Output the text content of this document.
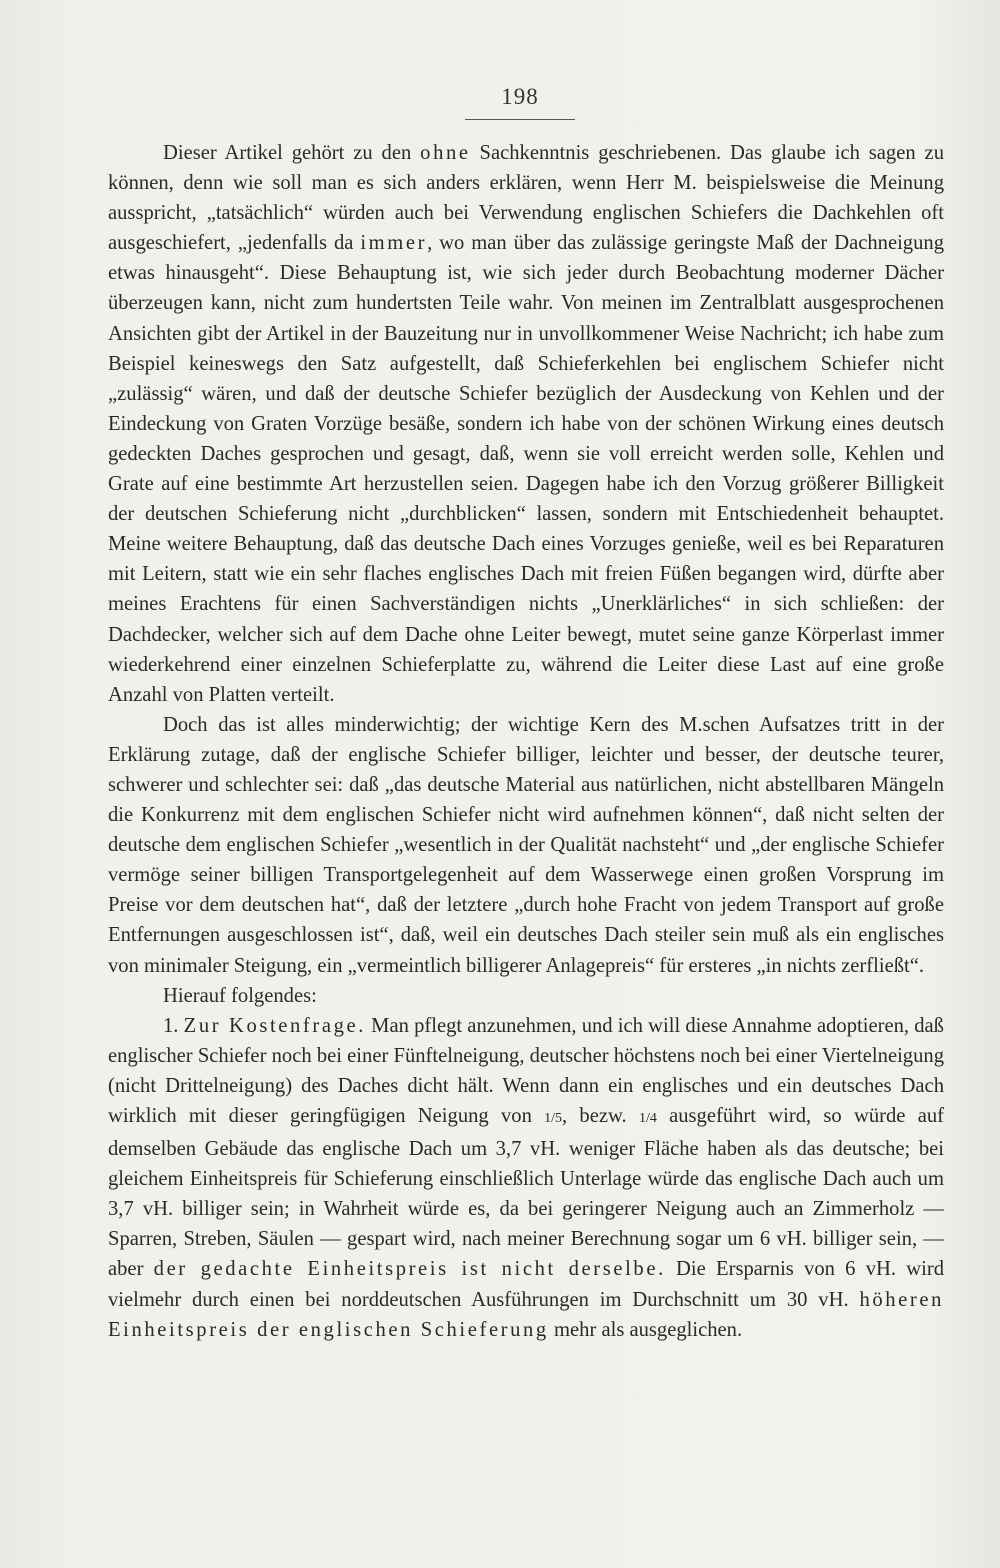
198

Dieser Artikel gehört zu den ohne Sachkenntnis geschriebenen. Das glaube ich sagen zu können, denn wie soll man es sich anders erklären, wenn Herr M. beispielsweise die Meinung ausspricht, „tatsächlich“ würden auch bei Verwendung englischen Schiefers die Dachkehlen oft ausgeschiefert, „jedenfalls da immer, wo man über das zulässige geringste Maß der Dachneigung etwas hinausgeht“. Diese Behauptung ist, wie sich jeder durch Beobachtung moderner Dächer überzeugen kann, nicht zum hundertsten Teile wahr. Von meinen im Zentralblatt ausgesprochenen Ansichten gibt der Artikel in der Bauzeitung nur in unvollkommener Weise Nachricht; ich habe zum Beispiel keineswegs den Satz aufgestellt, daß Schieferkehlen bei englischem Schiefer nicht „zulässig“ wären, und daß der deutsche Schiefer bezüglich der Ausdeckung von Kehlen und der Eindeckung von Graten Vorzüge besäße, sondern ich habe von der schönen Wirkung eines deutsch gedeckten Daches gesprochen und gesagt, daß, wenn sie voll erreicht werden solle, Kehlen und Grate auf eine bestimmte Art herzustellen seien. Dagegen habe ich den Vorzug größerer Billigkeit der deutschen Schieferung nicht „durchblicken“ lassen, sondern mit Entschiedenheit behauptet. Meine weitere Behauptung, daß das deutsche Dach eines Vorzuges genieße, weil es bei Reparaturen mit Leitern, statt wie ein sehr flaches englisches Dach mit freien Füßen begangen wird, dürfte aber meines Erachtens für einen Sachverständigen nichts „Unerklärliches“ in sich schließen: der Dachdecker, welcher sich auf dem Dache ohne Leiter bewegt, mutet seine ganze Körperlast immer wiederkehrend einer einzelnen Schieferplatte zu, während die Leiter diese Last auf eine große Anzahl von Platten verteilt.

Doch das ist alles minderwichtig; der wichtige Kern des M.schen Aufsatzes tritt in der Erklärung zutage, daß der englische Schiefer billiger, leichter und besser, der deutsche teurer, schwerer und schlechter sei: daß „das deutsche Material aus natürlichen, nicht abstellbaren Mängeln die Konkurrenz mit dem englischen Schiefer nicht wird aufnehmen können“, daß nicht selten der deutsche dem englischen Schiefer „wesentlich in der Qualität nachsteht“ und „der englische Schiefer vermöge seiner billigen Transportgelegenheit auf dem Wasserwege einen großen Vorsprung im Preise vor dem deutschen hat“, daß der letztere „durch hohe Fracht von jedem Transport auf große Entfernungen ausgeschlossen ist“, daß, weil ein deutsches Dach steiler sein muß als ein englisches von minimaler Steigung, ein „vermeintlich billigerer Anlagepreis“ für ersteres „in nichts zerfließt“.

Hierauf folgendes:

1. Zur Kostenfrage. Man pflegt anzunehmen, und ich will diese Annahme adoptieren, daß englischer Schiefer noch bei einer Fünftelneigung, deutscher höchstens noch bei einer Viertelneigung (nicht Drittelneigung) des Daches dicht hält. Wenn dann ein englisches und ein deutsches Dach wirklich mit dieser geringfügigen Neigung von 1/5, bezw. 1/4 ausgeführt wird, so würde auf demselben Gebäude das englische Dach um 3,7 vH. weniger Fläche haben als das deutsche; bei gleichem Einheitspreis für Schieferung einschließlich Unterlage würde das englische Dach auch um 3,7 vH. billiger sein; in Wahrheit würde es, da bei geringerer Neigung auch an Zimmerholz — Sparren, Streben, Säulen — gespart wird, nach meiner Berechnung sogar um 6 vH. billiger sein, — aber der gedachte Einheitspreis ist nicht derselbe. Die Ersparnis von 6 vH. wird vielmehr durch einen bei norddeutschen Ausführungen im Durchschnitt um 30 vH. höheren Einheitspreis der englischen Schieferung mehr als ausgeglichen.
